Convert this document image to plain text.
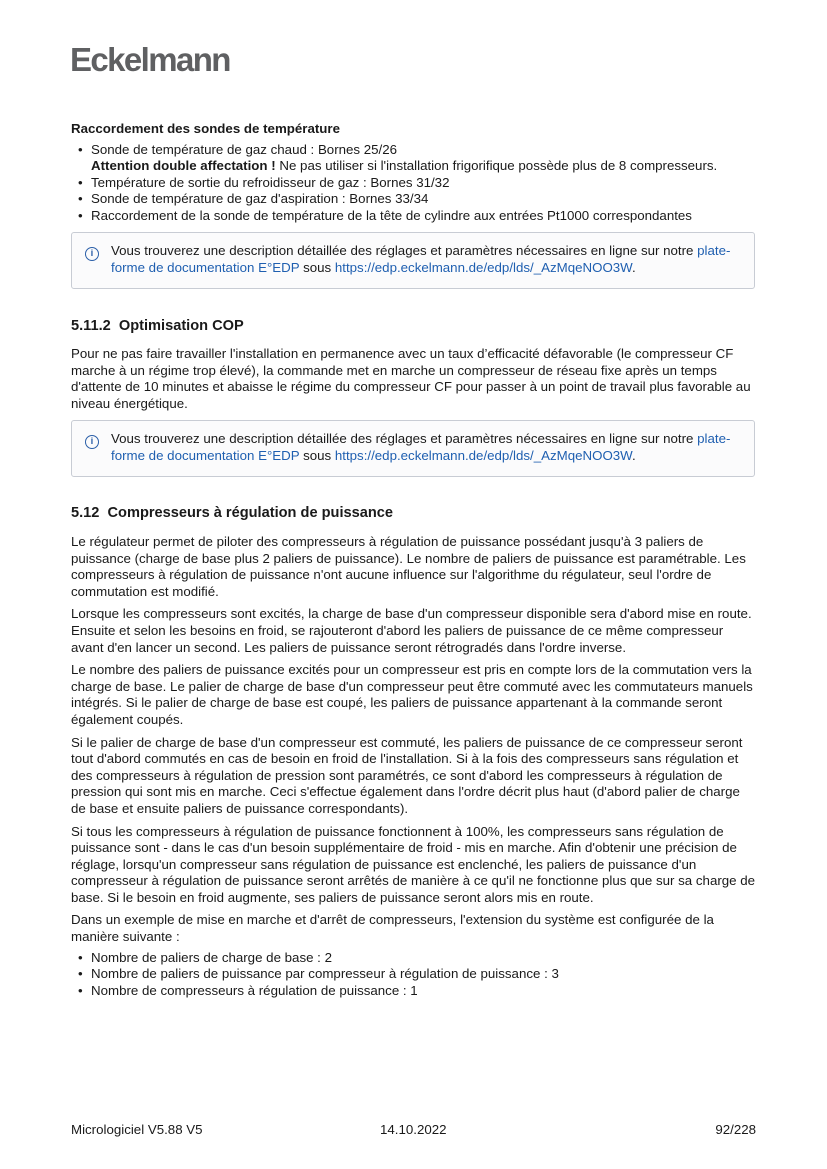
Eckelmann
Raccordement des sondes de température
• Sonde de température de gaz chaud : Bornes 25/26
Attention double affectation ! Ne pas utiliser si l'installation frigorifique possède plus de 8 compresseurs.
• Température de sortie du refroidisseur de gaz : Bornes 31/32
• Sonde de température de gaz d'aspiration : Bornes 33/34
• Raccordement de la sonde de température de la tête de cylindre aux entrées Pt1000 correspondantes
i	Vous trouverez une description détaillée des réglages et paramètres nécessaires en ligne sur notre plate-forme de documentation E°EDP sous https://edp.eckelmann.de/edp/lds/_AzMqeNOO3W.
5.11.2  Optimisation COP

Pour ne pas faire travailler l'installation en permanence avec un taux d’efficacité défavorable (le compresseur CF marche à un régime trop élevé), la commande met en marche un compresseur de réseau fixe après un temps d'attente de 10 minutes et abaisse le régime du compresseur CF pour passer à un point de travail plus favorable au niveau énergétique.

i	Vous trouverez une description détaillée des réglages et paramètres nécessaires en ligne sur notre plate-forme de documentation E°EDP sous https://edp.eckelmann.de/edp/lds/_AzMqeNOO3W.
5.12  Compresseurs à régulation de puissance

Le régulateur permet de piloter des compresseurs à régulation de puissance possédant jusqu'à 3 paliers de puissance (charge de base plus 2 paliers de puissance). Le nombre de paliers de puissance est paramétrable. Les compresseurs à régulation de puissance n'ont aucune influence sur l'algorithme du régulateur, seul l'ordre de commutation est modifié.

Lorsque les compresseurs sont excités, la charge de base d'un compresseur disponible sera d'abord mise en route. Ensuite et selon les besoins en froid, se rajouteront d'abord les paliers de puissance de ce même compresseur avant d'en lancer un second. Les paliers de puissance seront rétrogradés dans l'ordre inverse.

Le nombre des paliers de puissance excités pour un compresseur est pris en compte lors de la commutation vers la charge de base. Le palier de charge de base d'un compresseur peut être commuté avec les commutateurs manuels intégrés. Si le palier de charge de base est coupé, les paliers de puissance appartenant à la commande seront également coupés.

Si le palier de charge de base d'un compresseur est commuté, les paliers de puissance de ce compresseur seront tout d'abord commutés en cas de besoin en froid de l'installation. Si à la fois des compresseurs sans régulation et des compresseurs à régulation de pression sont paramétrés, ce sont d'abord les compresseurs à régulation de pression qui sont mis en marche. Ceci s'effectue également dans l'ordre décrit plus haut (d'abord palier de charge de base et ensuite paliers de puissance correspondants).

Si tous les compresseurs à régulation de puissance fonctionnent à 100%, les compresseurs sans régulation de puissance sont - dans le cas d'un besoin supplémentaire de froid - mis en marche. Afin d'obtenir une précision de réglage, lorsqu'un compresseur sans régulation de puissance est enclenché, les paliers de puissance d'un compresseur à régulation de puissance seront arrêtés de manière à ce qu'il ne fonctionne plus que sur sa charge de base. Si le besoin en froid augmente, ses paliers de puissance seront alors mis en route.

Dans un exemple de mise en marche et d'arrêt de compresseurs, l'extension du système est configurée de la manière suivante :

• Nombre de paliers de charge de base : 2
• Nombre de paliers de puissance par compresseur à régulation de puissance : 3
• Nombre de compresseurs à régulation de puissance : 1
Micrologiciel V5.88 V5	14.10.2022	92/228
